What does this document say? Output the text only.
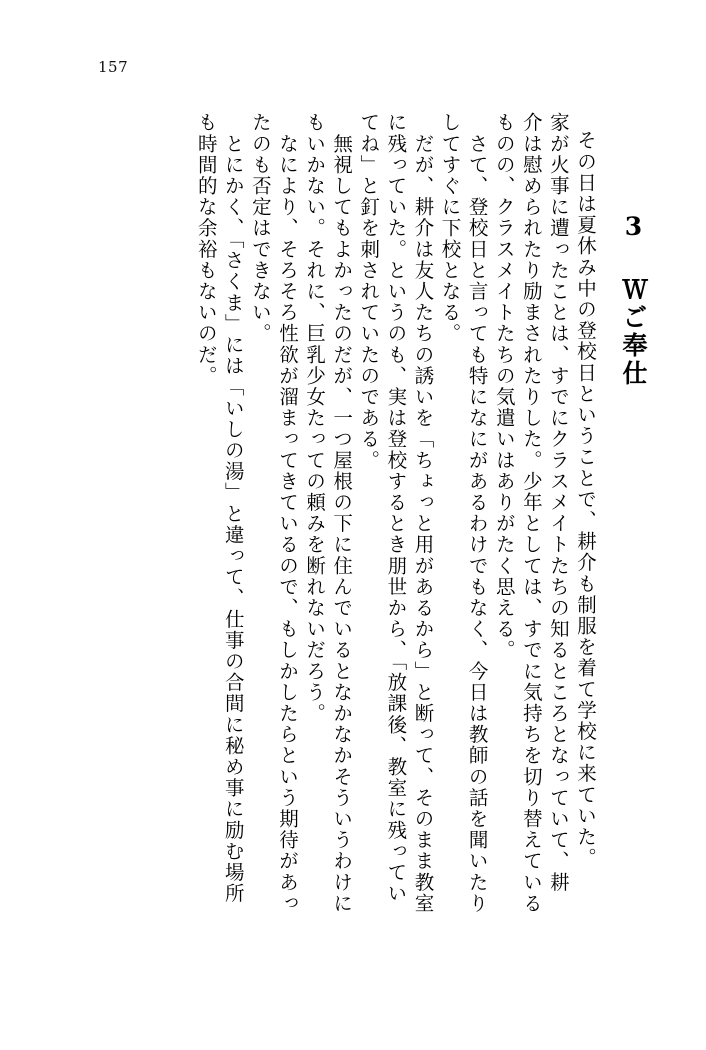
157
3 Ｗご奉仕
その日は夏休み中の登校日ということで、耕介も制服を着て学校に来ていた。
家が火事に遭ったことは、すでにクラスメイトたちの知るところとなっていて、耕
介は慰められたり励まされたりした。少年としては、すでに気持ちを切り替えている
ものの、クラスメイトたちの気遣いはありがたく思える。
　さて、登校日と言っても特になにがあるわけでもなく、今日は教師の話を聞いたり
してすぐに下校となる。
　だが、耕介は友人たちの誘いを「ちょっと用があるから」と断って、そのまま教室
に残っていた。というのも、実は登校するとき朋世から、「放課後、教室に残ってい
てね」と釘を刺されていたのである。
　無視してもよかったのだが、一つ屋根の下に住んでいるとなかなかそういうわけに
もいかない。それに、巨乳少女たっての頼みを断れないだろう。
　なにより、そろそろ性欲が溜まってきているので、もしかしたらという期待があっ
たのも否定はできない。
　とにかく、「さくま」には「いしの湯」と違って、仕事の合間に秘め事に励む場所
も時間的な余裕もないのだ。
